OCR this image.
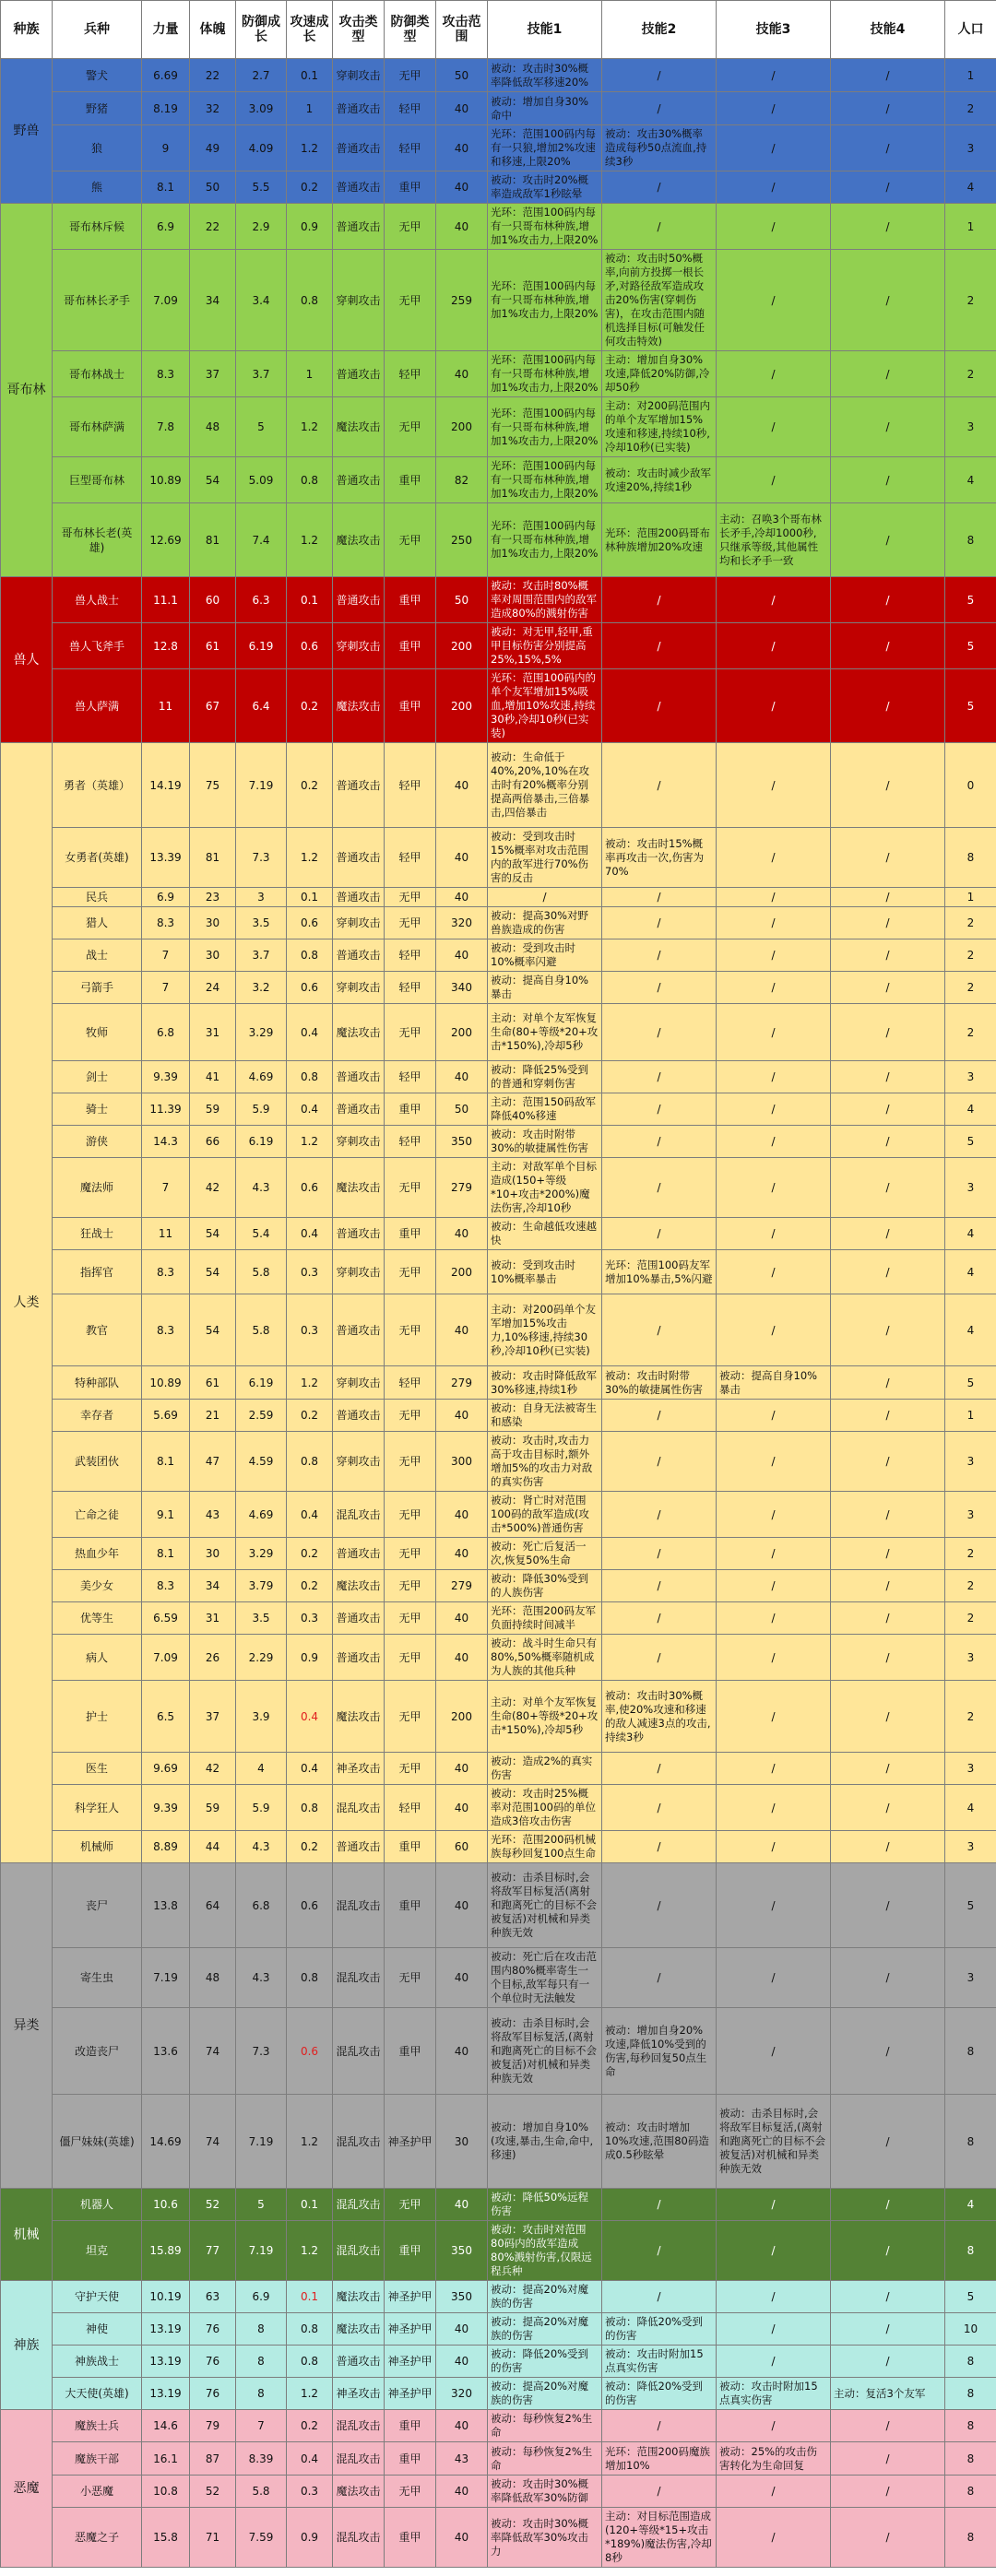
种族	兵种	力量	体魄	防御成长	攻速成长	攻击类型	防御类型	攻击范围	技能1	技能2	技能3	技能4	人口
野兽	警犬	6.69	22	2.7	0.1	穿刺攻击	无甲	50	被动：攻击时30%概率降低敌军移速20%	/	/	/	1
	野猪	8.19	32	3.09	1	普通攻击	轻甲	40	被动：增加自身30%命中	/	/	/	2
	狼	9	49	4.09	1.2	普通攻击	轻甲	40	光环：范围100码内每有一只狼,增加2%攻速和移速,上限20%	被动：攻击30%概率造成每秒50点流血,持续3秒	/	/	3
	熊	8.1	50	5.5	0.2	普通攻击	重甲	40	被动：攻击时20%概率造成敌军1秒眩晕	/	/	/	4
哥布林	哥布林斥候	6.9	22	2.9	0.9	普通攻击	无甲	40	光环：范围100码内每有一只哥布林种族,增加1%攻击力,上限20%	/	/	/	1
	哥布林长矛手	7.09	34	3.4	0.8	穿刺攻击	无甲	259	光环：范围100码内每有一只哥布林种族,增加1%攻击力,上限20%	被动：攻击时50%概率,向前方投掷一根长矛,对路径敌军造成攻击20%伤害(穿刺伤害)，在攻击范围内随机选择目标(可触发任何攻击特效)	/	/	2
	哥布林战士	8.3	37	3.7	1	普通攻击	轻甲	40	光环：范围100码内每有一只哥布林种族,增加1%攻击力,上限20%	主动：增加自身30%攻速,降低20%防御,冷却50秒	/	/	2
	哥布林萨满	7.8	48	5	1.2	魔法攻击	无甲	200	光环：范围100码内每有一只哥布林种族,增加1%攻击力,上限20%	主动：对200码范围内的单个友军增加15%攻速和移速,持续10秒,冷却10秒(已实装)	/	/	3
	巨型哥布林	10.89	54	5.09	0.8	普通攻击	重甲	82	光环：范围100码内每有一只哥布林种族,增加1%攻击力,上限20%	被动：攻击时减少敌军攻速20%,持续1秒	/	/	4
	哥布林长老(英雄)	12.69	81	7.4	1.2	魔法攻击	无甲	250	光环：范围100码内每有一只哥布林种族,增加1%攻击力,上限20%	光环：范围200码哥布林种族增加20%攻速	主动：召唤3个哥布林长矛手,冷却1000秒,只继承等级,其他属性均和长矛手一致	/	8
兽人	兽人战士	11.1	60	6.3	0.1	普通攻击	重甲	50	被动：攻击时80%概率对周围范围内的敌军造成80%的溅射伤害	/	/	/	5
	兽人飞斧手	12.8	61	6.19	0.6	穿刺攻击	重甲	200	被动：对无甲,轻甲,重甲目标伤害分别提高25%,15%,5%	/	/	/	5
	兽人萨满	11	67	6.4	0.2	魔法攻击	重甲	200	光环：范围100码内的单个友军增加15%吸血,增加10%攻速,持续30秒,冷却10秒(已实装)	/	/	/	5
人类	勇者（英雄）	14.19	75	7.19	0.2	普通攻击	轻甲	40	被动：生命低于40%,20%,10%在攻击时有20%概率分别提高两倍暴击,三倍暴击,四倍暴击	/	/	/	0
	女勇者(英雄)	13.39	81	7.3	1.2	普通攻击	轻甲	40	被动：受到攻击时15%概率对攻击范围内的敌军进行70%伤害的反击	被动：攻击时15%概率再攻击一次,伤害为70%	/	/	8
	民兵	6.9	23	3	0.1	普通攻击	无甲	40	/	/	/	/	1
	猎人	8.3	30	3.5	0.6	穿刺攻击	无甲	320	被动：提高30%对野兽族造成的伤害	/	/	/	2
	战士	7	30	3.7	0.8	普通攻击	轻甲	40	被动：受到攻击时10%概率闪避	/	/	/	2
	弓箭手	7	24	3.2	0.6	穿刺攻击	轻甲	340	被动：提高自身10%暴击	/	/	/	2
	牧师	6.8	31	3.29	0.4	魔法攻击	无甲	200	主动：对单个友军恢复生命(80+等级*20+攻击*150%),冷却5秒	/	/	/	2
	剑士	9.39	41	4.69	0.8	普通攻击	轻甲	40	被动：降低25%受到的普通和穿刺伤害	/	/	/	3
	骑士	11.39	59	5.9	0.4	普通攻击	重甲	50	主动：范围150码敌军降低40%移速	/	/	/	4
	游侠	14.3	66	6.19	1.2	穿刺攻击	轻甲	350	被动：攻击时附带30%的敏捷属性伤害	/	/	/	5
	魔法师	7	42	4.3	0.6	魔法攻击	无甲	279	主动：对敌军单个目标造成(150+等级*10+攻击*200%)魔法伤害,冷却10秒	/	/	/	3
	狂战士	11	54	5.4	0.4	普通攻击	重甲	40	被动：生命越低攻速越快	/	/	/	4
	指挥官	8.3	54	5.8	0.3	穿刺攻击	无甲	200	被动：受到攻击时10%概率暴击	光环：范围100码友军增加10%暴击,5%闪避	/	/	4
	教官	8.3	54	5.8	0.3	普通攻击	无甲	40	主动：对200码单个友军增加15%攻击力,10%移速,持续30秒,冷却10秒(已实装)	/	/	/	4
	特种部队	10.89	61	6.19	1.2	穿刺攻击	轻甲	279	被动：攻击时降低敌军30%移速,持续1秒	被动：攻击时附带30%的敏捷属性伤害	被动：提高自身10%暴击	/	5
	幸存者	5.69	21	2.59	0.2	普通攻击	无甲	40	被动：自身无法被寄生和感染	/	/	/	1
	武装团伙	8.1	47	4.59	0.8	穿刺攻击	无甲	300	被动：攻击时,攻击力高于攻击目标时,额外增加5%的攻击力对敌的真实伤害	/	/	/	3
	亡命之徒	9.1	43	4.69	0.4	混乱攻击	无甲	40	被动：肾亡时对范围100码的敌军造成(攻击*500%)普通伤害	/	/	/	3
	热血少年	8.1	30	3.29	0.2	普通攻击	无甲	40	被动：死亡后复活一次,恢复50%生命	/	/	/	2
	美少女	8.3	34	3.79	0.2	魔法攻击	无甲	279	被动：降低30%受到的人族伤害	/	/	/	2
	优等生	6.59	31	3.5	0.3	普通攻击	无甲	40	光环：范围200码友军负面持续时间减半	/	/	/	2
	病人	7.09	26	2.29	0.9	普通攻击	无甲	40	被动：战斗时生命只有80%,50%概率随机成为人族的其他兵种	/	/	/	3
	护士	6.5	37	3.9	0.4	魔法攻击	无甲	200	主动：对单个友军恢复生命(80+等级*20+攻击*150%),冷却5秒	被动：攻击时30%概率,使20%攻速和移速的敌人减速3点的攻击,持续3秒	/	/	2
	医生	9.69	42	4	0.4	神圣攻击	无甲	40	被动：造成2%的真实伤害	/	/	/	3
	科学狂人	9.39	59	5.9	0.8	混乱攻击	轻甲	40	被动：攻击时25%概率对范围100码的单位造成3倍攻击伤害	/	/	/	4
	机械师	8.89	44	4.3	0.2	普通攻击	重甲	60	光环：范围200码机械族每秒回复100点生命	/	/	/	3
异类	丧尸	13.8	64	6.8	0.6	混乱攻击	重甲	40	被动：击杀目标时,会将敌军目标复活(离射和跑离死亡的目标不会被复活)对机械和异类种族无效	/	/	/	5
	寄生虫	7.19	48	4.3	0.8	混乱攻击	无甲	40	被动：死亡后在攻击范围内80%概率寄生一个目标,敌军每只有一个单位时无法触发	/	/	/	3
	改造丧尸	13.6	74	7.3	0.6	混乱攻击	重甲	40	被动：击杀目标时,会将敌军目标复活,(离射和跑离死亡的目标不会被复活)对机械和异类种族无效	被动：增加自身20%攻速,降低10%受到的伤害,每秒回复50点生命	/	/	8
	僵尸妹妹(英雄)	14.69	74	7.19	1.2	混乱攻击	神圣护甲	30	被动：增加自身10%(攻速,暴击,生命,命中,移速)	被动：攻击时增加10%攻速,范围80码造成0.5秒眩晕	被动：击杀目标时,会将敌军目标复活,(离射和跑离死亡的目标不会被复活)对机械和异类种族无效	/	8
机械	机器人	10.6	52	5	0.1	混乱攻击	无甲	40	被动：降低50%远程伤害	/	/	/	4
	坦克	15.89	77	7.19	1.2	混乱攻击	重甲	350	被动：攻击时对范围80码内的敌军造成80%溅射伤害,仅限远程兵种	/	/	/	8
神族	守护天使	10.19	63	6.9	0.1	魔法攻击	神圣护甲	350	被动：提高20%对魔族的伤害	/	/	/	5
	神使	13.19	76	8	0.8	魔法攻击	神圣护甲	40	被动：提高20%对魔族的伤害	被动：降低20%受到的伤害	/	/	10
	神族战士	13.19	76	8	0.8	普通攻击	神圣护甲	40	被动：降低20%受到的伤害	被动：攻击时附加15点真实伤害	/	/	8
	大天使(英雄)	13.19	76	8	1.2	神圣攻击	神圣护甲	320	被动：提高20%对魔族的伤害	被动：降低20%受到的伤害	被动：攻击时附加15点真实伤害	主动：复活3个友军	8
恶魔	魔族士兵	14.6	79	7	0.2	混乱攻击	重甲	40	被动：每秒恢复2%生命	/	/	/	8
	魔族干部	16.1	87	8.39	0.4	混乱攻击	重甲	43	被动：每秒恢复2%生命	光环：范围200码魔族增加10%	被动：25%的攻击伤害转化为生命回复	/	8
	小恶魔	10.8	52	5.8	0.3	魔法攻击	无甲	40	被动：攻击时30%概率降低敌军30%防御	/	/	/	8
	恶魔之子	15.8	71	7.59	0.9	混乱攻击	重甲	40	被动：攻击时30%概率降低敌军30%攻击力	主动：对目标范围造成(120+等级*15+攻击*189%)魔法伤害,冷却8秒	/	/	8
